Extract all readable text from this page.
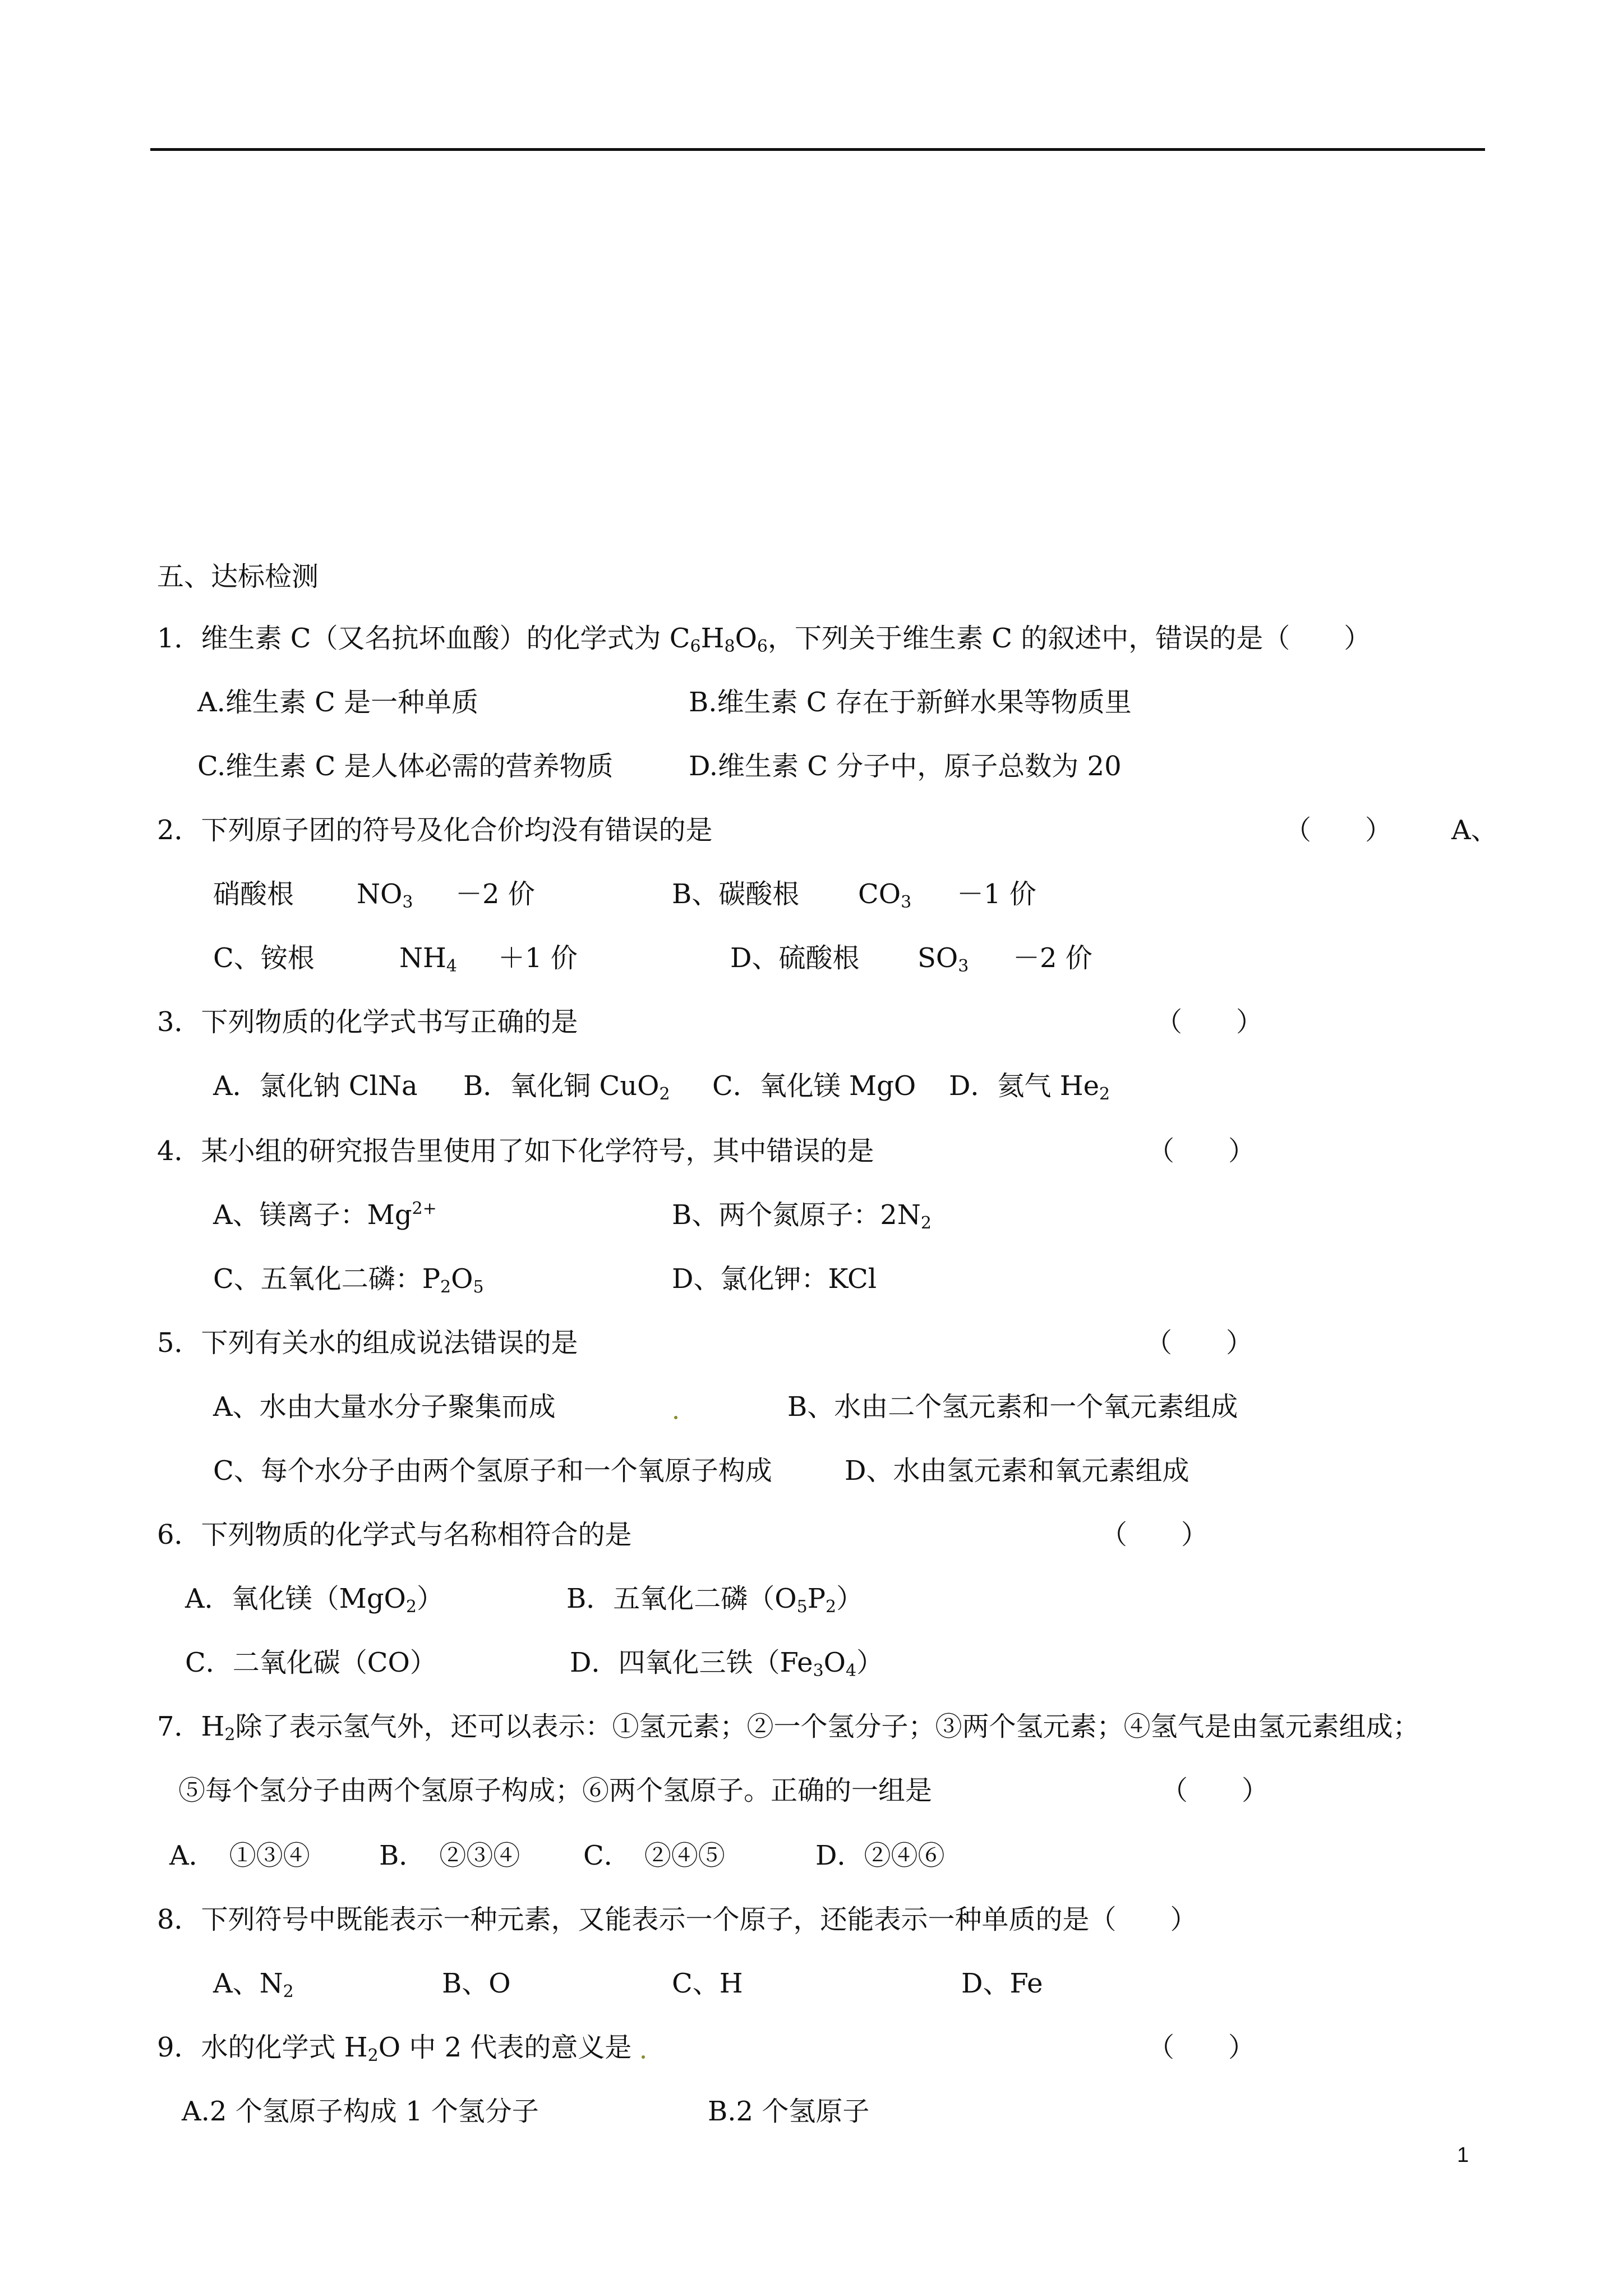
五、达标检测
1．维生素 C（又名抗坏血酸）的化学式为 $C_6H_8O_6$，下列关于维生素 C 的叙述中，错误的是（　　）
A.维生素 C 是一种单质	B.维生素 C 存在于新鲜水果等物质里
C.维生素 C 是人体必需的营养物质	D.维生素 C 分子中，原子总数为 20
2．下列原子团的符号及化合价均没有错误的是	（　　） A、
硝酸根 $NO_3 -2$ 价	B、碳酸根 $CO_3 -1$ 价
C、铵根	$NH_4 +1$ 价	D、硫酸根 $SO_3 -2$ 价
3．下列物质的化学式书写正确的是	（　　）
A．氯化钠 ClNa B．氧化铜 CuO$_2$ C．氧化镁 MgO D．氦气 $He_2$
4．某小组的研究报告里使用了如下化学符号，其中错误的是	（　　）
A、镁离子：$Mg^{2+}$	B、两个氮原子：$2N_2$
C、五氧化二磷：$P_2O_5$	D、氯化钾：KCl
5．下列有关水的组成说法错误的是	（　　）
A、水由大量水分子聚集而成	B、水由二个氢元素和一个氧元素组成
C、每个水分子由两个氢原子和一个氧原子构成	D、水由氢元素和氧元素组成
6．下列物质的化学式与名称相符合的是	（　　）
A．氧化镁（MgO$_2$）	B．五氧化二磷$(O_5P_2)$
C．二氧化碳（CO）	D．四氧化三铁$(Fe_3O_4)$
7．$H_2$除了表示氢气外，还可以表示：①氢元素；②一个氢分子；③两个氢元素；④氢气是由氢元素组成；
⑤每个氢分子由两个氢原子构成；⑥两个氢原子。正确的一组是	（　　）
A．　①③④	B．　②③④ C．　②④⑤	D．②④⑥
8．下列符号中既能表示一种元素，又能表示一个原子，还能表示一种单质的是（　　）
A、$N_2$	B、O	C、H	D、Fe
9．水的化学式 $H_2O$ 中 2 代表的意义是	（　　）
A.2 个氢原子构成 1 个氢分子	B.2 个氢原子
1
